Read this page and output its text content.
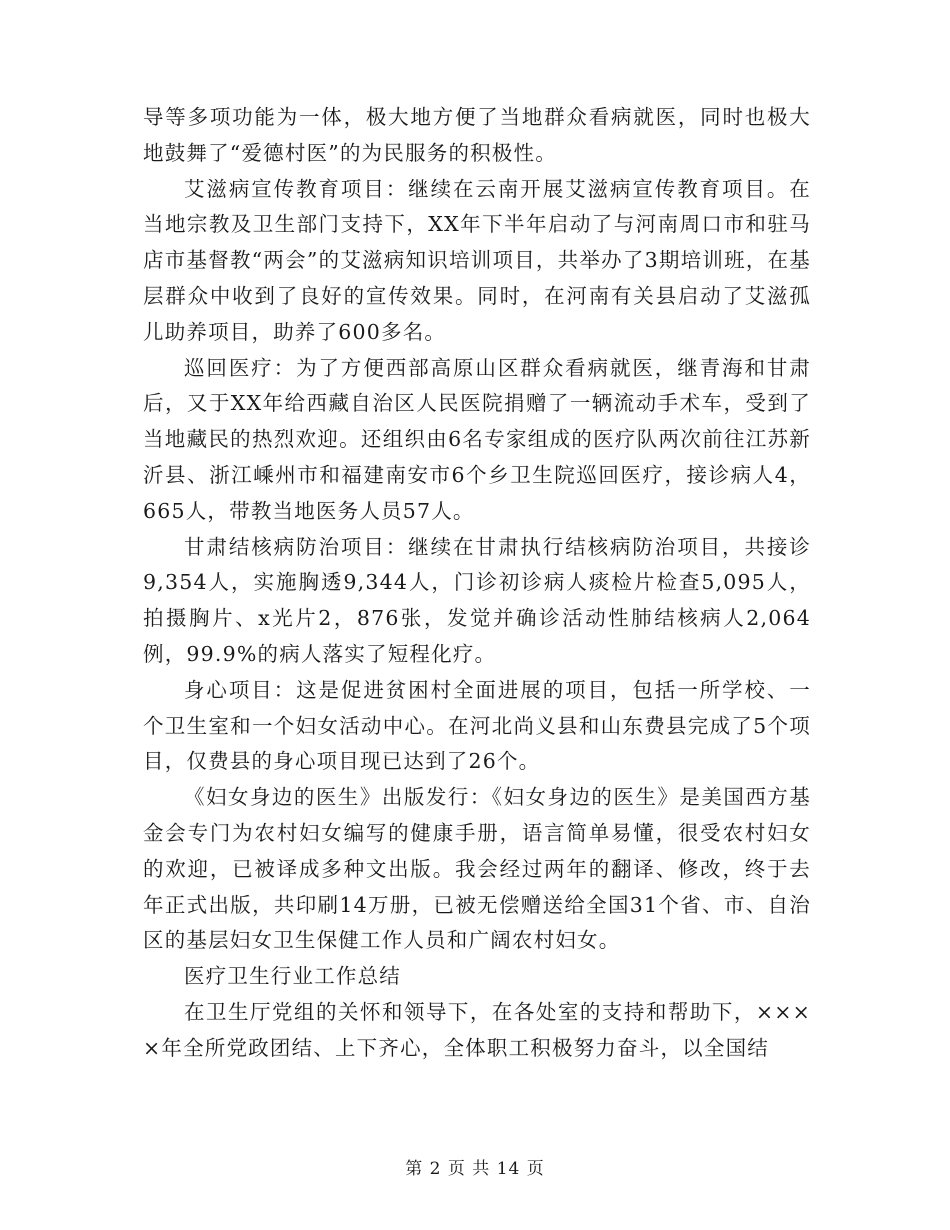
导等多项功能为一体，极大地方便了当地群众看病就医，同时也极大地鼓舞了“爱德村医”的为民服务的积极性。

艾滋病宣传教育项目：继续在云南开展艾滋病宣传教育项目。在当地宗教及卫生部门支持下，XX年下半年启动了与河南周口市和驻马店市基督教“两会”的艾滋病知识培训项目，共举办了3期培训班，在基层群众中收到了良好的宣传效果。同时，在河南有关县启动了艾滋孤儿助养项目，助养了600多名。

巡回医疗：为了方便西部高原山区群众看病就医，继青海和甘肃后，又于XX年给西藏自治区人民医院捐赠了一辆流动手术车，受到了当地藏民的热烈欢迎。还组织由6名专家组成的医疗队两次前往江苏新沂县、浙江嵊州市和福建南安市6个乡卫生院巡回医疗，接诊病人4，665人，带教当地医务人员57人。

甘肃结核病防治项目：继续在甘肃执行结核病防治项目，共接诊9,354人，实施胸透9,344人，门诊初诊病人痰检片检查5,095人，拍摄胸片、x光片2，876张，发觉并确诊活动性肺结核病人2,064例，99.9%的病人落实了短程化疗。

身心项目：这是促进贫困村全面进展的项目，包括一所学校、一个卫生室和一个妇女活动中心。在河北尚义县和山东费县完成了5个项目，仅费县的身心项目现已达到了26个。

《妇女身边的医生》出版发行：《妇女身边的医生》是美国西方基金会专门为农村妇女编写的健康手册，语言简单易懂，很受农村妇女的欢迎，已被译成多种文出版。我会经过两年的翻译、修改，终于去年正式出版，共印刷14万册，已被无偿赠送给全国31个省、市、自治区的基层妇女卫生保健工作人员和广阔农村妇女。

医疗卫生行业工作总结

在卫生厅党组的关怀和领导下，在各处室的支持和帮助下，××××年全所党政团结、上下齐心，全体职工积极努力奋斗，以全国结

第 2 页 共 14 页
